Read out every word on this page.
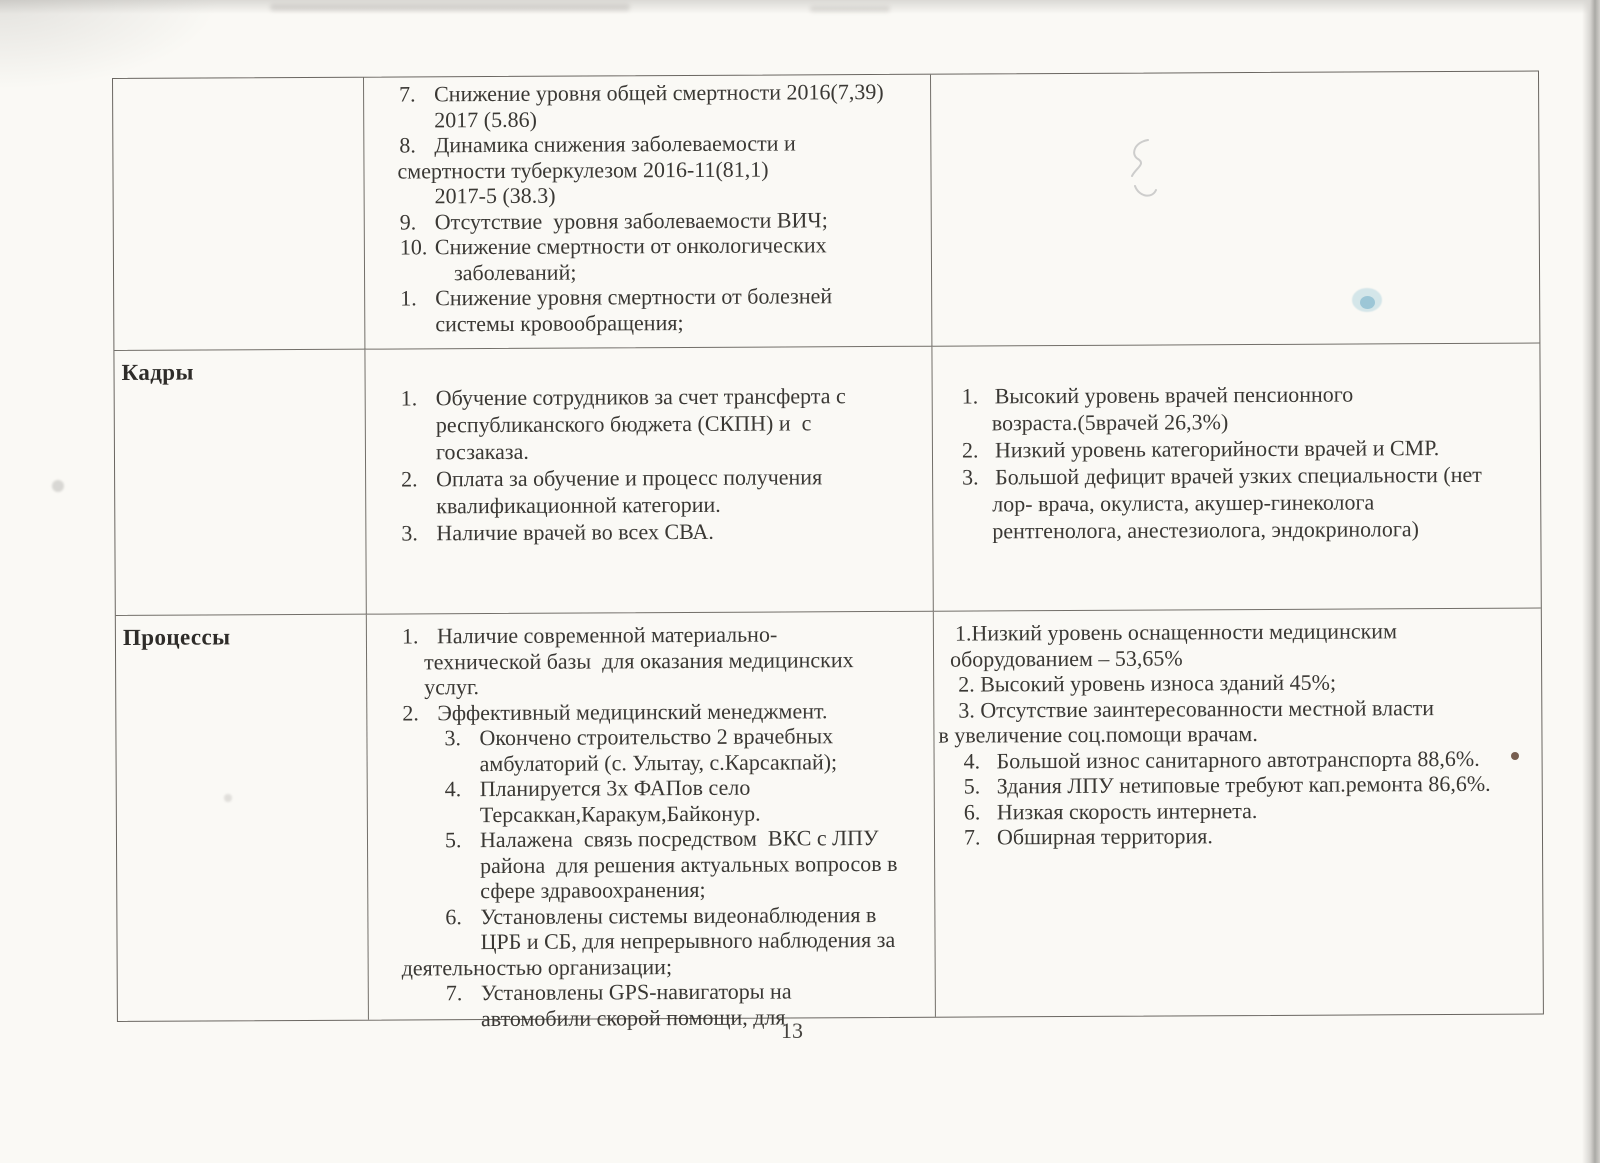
7. Снижение уровня общей смертности 2016(7,39)
2017 (5.86)
8. Динамика снижения заболеваемости и
смертности туберкулезом 2016-11(81,1)
2017-5 (38.3)
9. Отсутствие  уровня заболеваемости ВИЧ;
10. Снижение смертности от онкологических
заболеваний;
1. Снижение уровня смертности от болезней
системы кровообращения;
Кадры
1. Обучение сотрудников за счет трансферта с
республиканского бюджета (СКПН) и  с
госзаказа.
2. Оплата за обучение и процесс получения
квалификационной категории.
3. Наличие врачей во всех СВА.
1. Высокий уровень врачей пенсионного
возраста.(5врачей 26,3%)
2. Низкий уровень категорийности врачей и СМР.
3. Большой дефицит врачей узких специальности (нет
лор- врача, окулиста, акушер-гинеколога
рентгенолога, анестезиолога, эндокринолога)
Процессы	1. Наличие современной материально-
технической базы  для оказания медицинских
услуг.
2. Эффективный медицинский менеджмент.
3. Окончено строительство 2 врачебных
амбулаторий (с. Улытау, с.Карсакпай);
4. Планируется 3х ФАПов село
Терсаккан,Каракум,Байконур.
5. Налажена  связь посредством  ВКС с ЛПУ
района  для решения актуальных вопросов в
сфере здравоохранения;
6. Установлены системы видеонаблюдения в
ЦРБ и СБ, для непрерывного наблюдения за
деятельностью организации;
7. Установлены GPS-навигаторы на
автомобили скорой помощи, для
1.Низкий уровень оснащенности медицинским
оборудованием – 53,65%
2. Высокий уровень износа зданий 45%;
3. Отсутствие заинтересованности местной власти
в увеличение соц.помощи врачам.
4. Большой износ санитарного автотранспорта 88,6%.
5. Здания ЛПУ нетиповые требуют кап.ремонта 86,6%.
6. Низкая скорость интернета.
7. Обширная территория.
13
